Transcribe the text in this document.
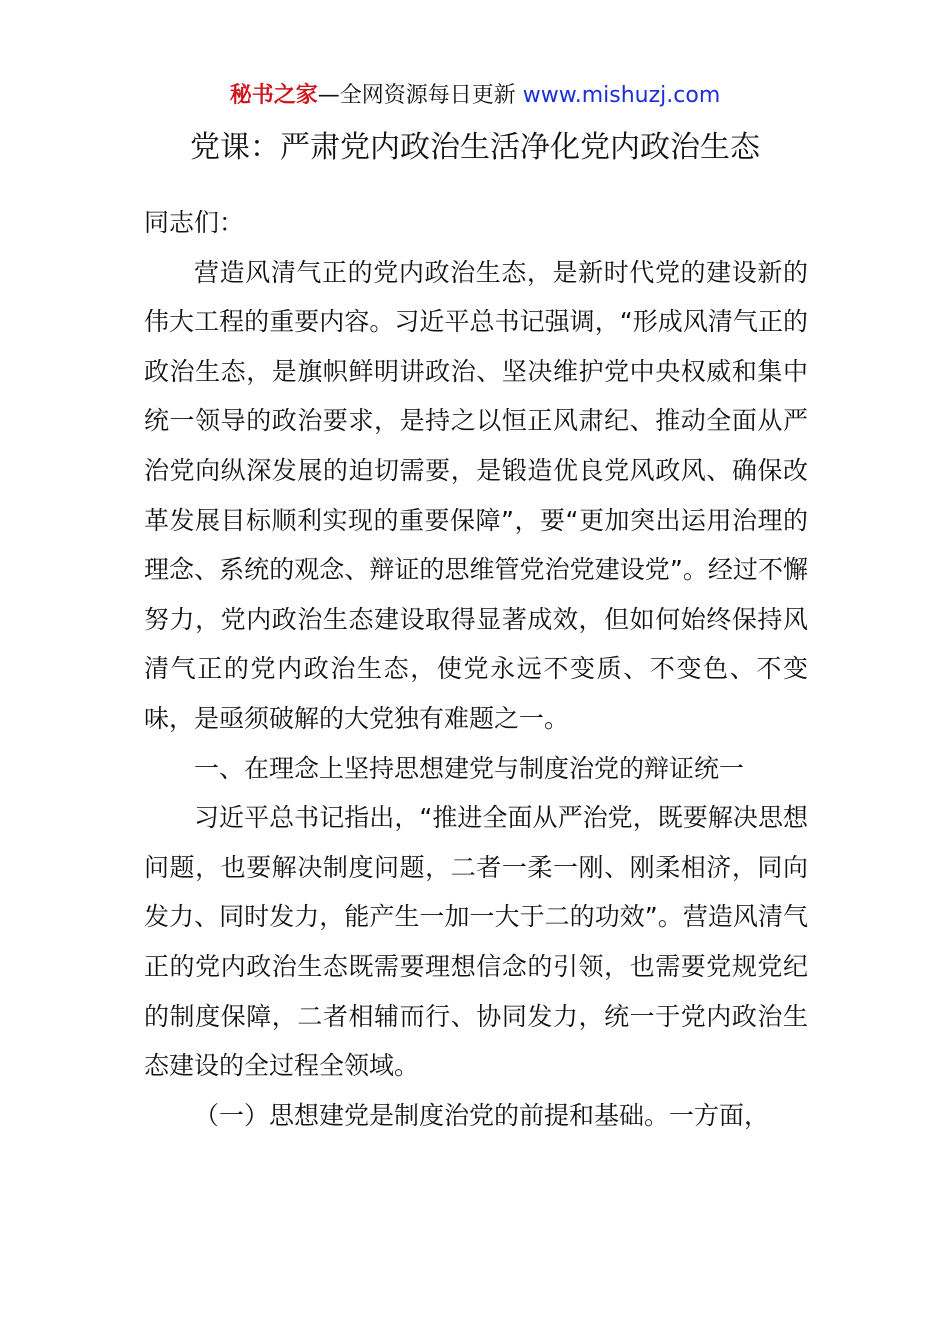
秘书之家—全网资源每日更新 www.mishuzj.com
党课：严肃党内政治生活净化党内政治生态

同志们：

营造风清气正的党内政治生态，是新时代党的建设新的伟大工程的重要内容。习近平总书记强调，“形成风清气正的政治生态，是旗帜鲜明讲政治、坚决维护党中央权威和集中统一领导的政治要求，是持之以恒正风肃纪、推动全面从严治党向纵深发展的迫切需要，是锻造优良党风政风、确保改革发展目标顺利实现的重要保障”，要“更加突出运用治理的理念、系统的观念、辩证的思维管党治党建设党”。经过不懈努力，党内政治生态建设取得显著成效，但如何始终保持风清气正的党内政治生态，使党永远不变质、不变色、不变味，是亟须破解的大党独有难题之一。

一、在理念上坚持思想建党与制度治党的辩证统一

习近平总书记指出，“推进全面从严治党，既要解决思想问题，也要解决制度问题，二者一柔一刚、刚柔相济，同向发力、同时发力，能产生一加一大于二的功效”。营造风清气正的党内政治生态既需要理想信念的引领，也需要党规党纪的制度保障，二者相辅而行、协同发力，统一于党内政治生态建设的全过程全领域。

（一）思想建党是制度治党的前提和基础。一方面，
